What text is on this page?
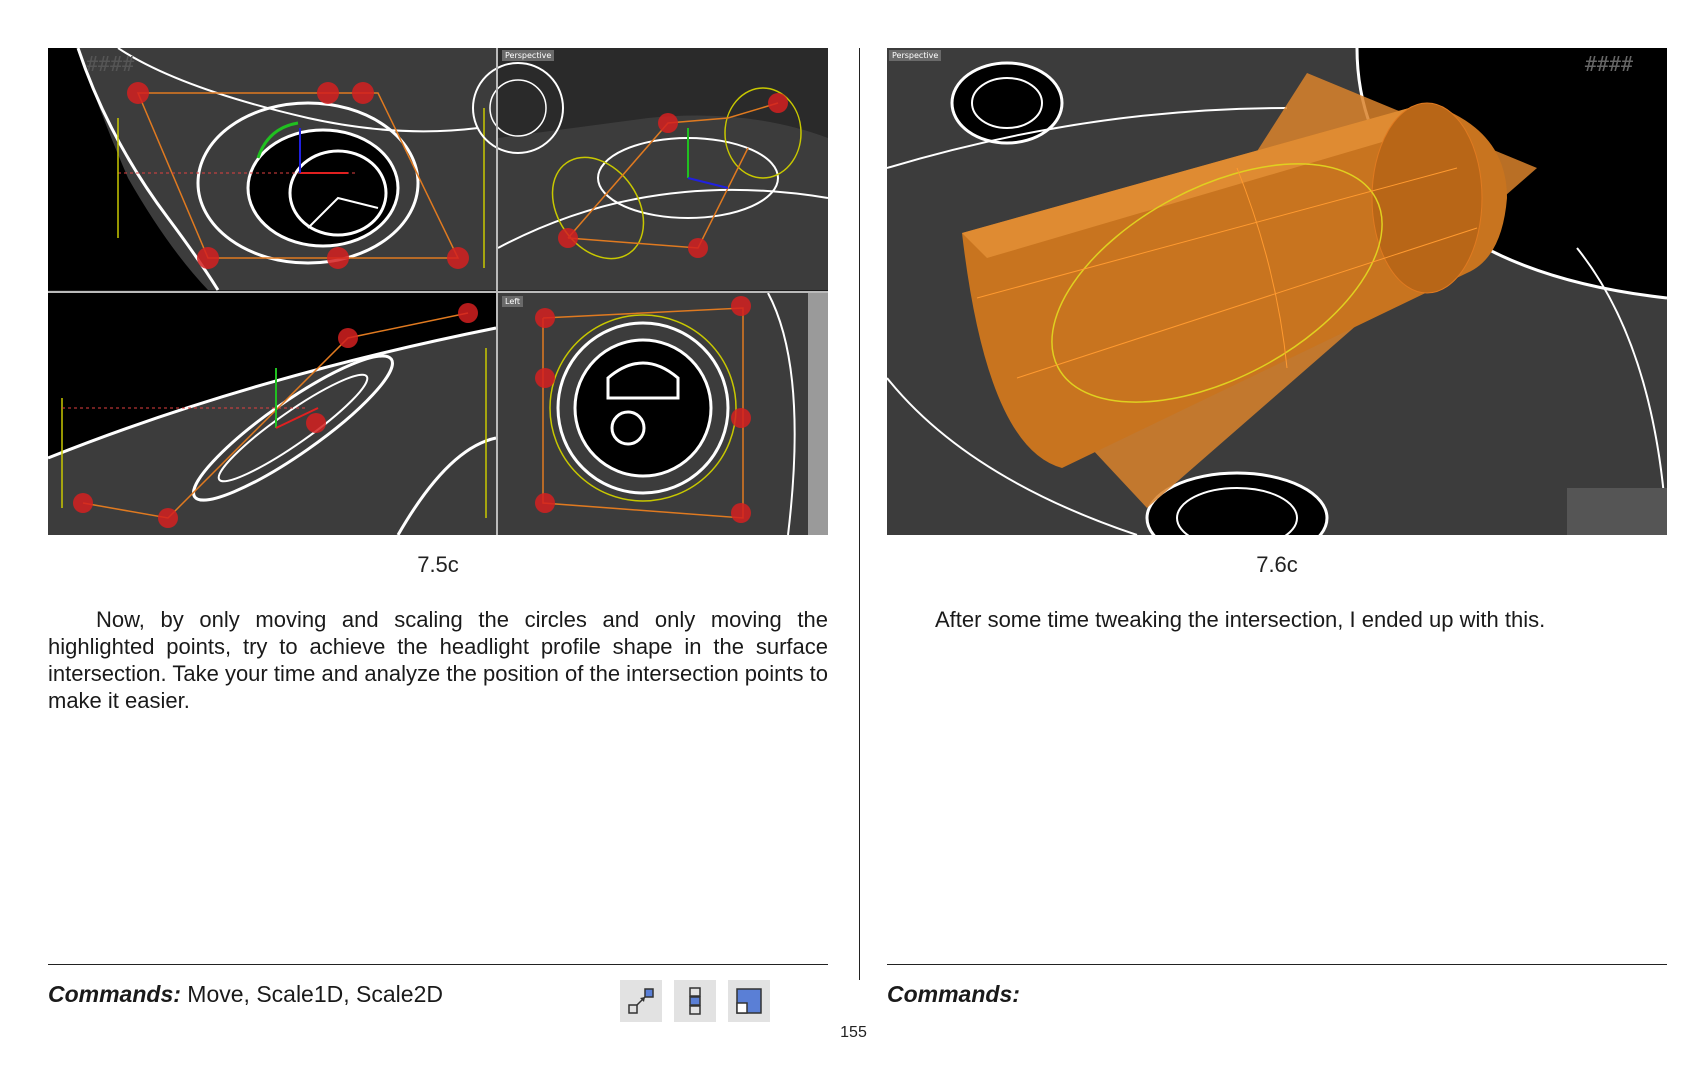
Perspective
Left
####
7.5c

Now, by only moving and scaling the circles and only moving the highlighted points, try to achieve the headlight profile shape in the surface intersection. Take your time and analyze the position of the intersection points to make it easier.

Commands: Move, Scale1D, Scale2D
Perspective	####
7.6c

After some time tweaking the intersection, I ended up with this.

Commands:
155
